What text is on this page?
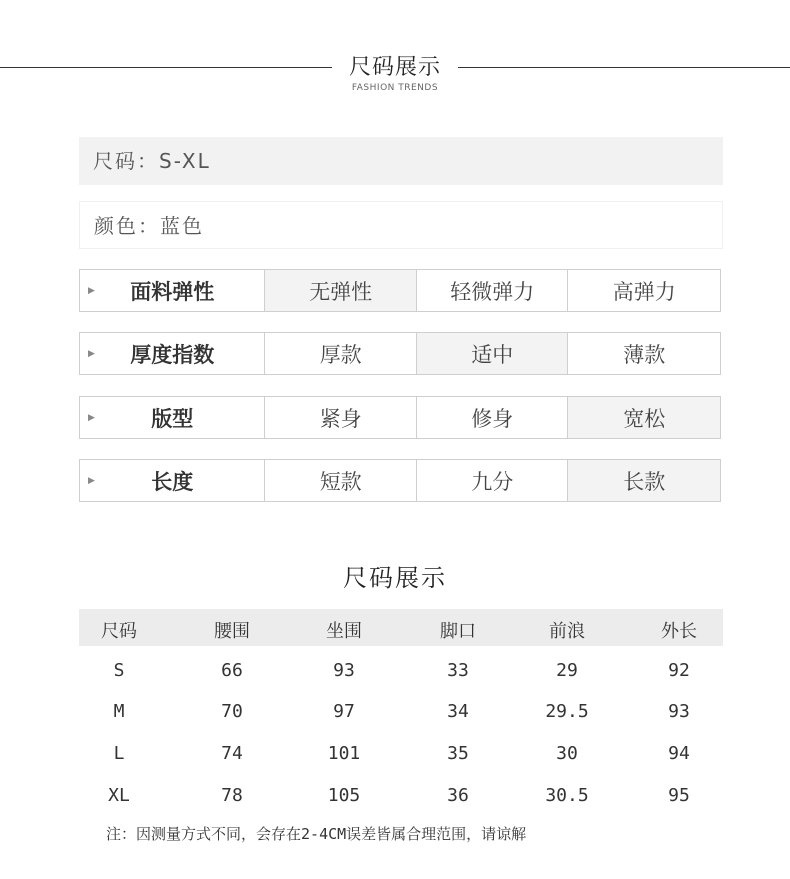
尺码展示
FASHION TRENDS
尺码：S-XL
颜色：蓝色
▶ 面料弹性	无弹性	轻微弹力	高弹力
▶ 厚度指数	厚款	适中	薄款
▶	版型	紧身	修身	宽松
▶	长度	短款	九分	长款
尺码展示
尺码	腰围	坐围	脚口	前浪	外长
S	66	93	33	29	92
M	70	97	34	29.5	93
L	74	101	35	30	94
XL	78	105	36	30.5	95
注：因测量方式不同，会存在2-4CM误差皆属合理范围，请谅解
